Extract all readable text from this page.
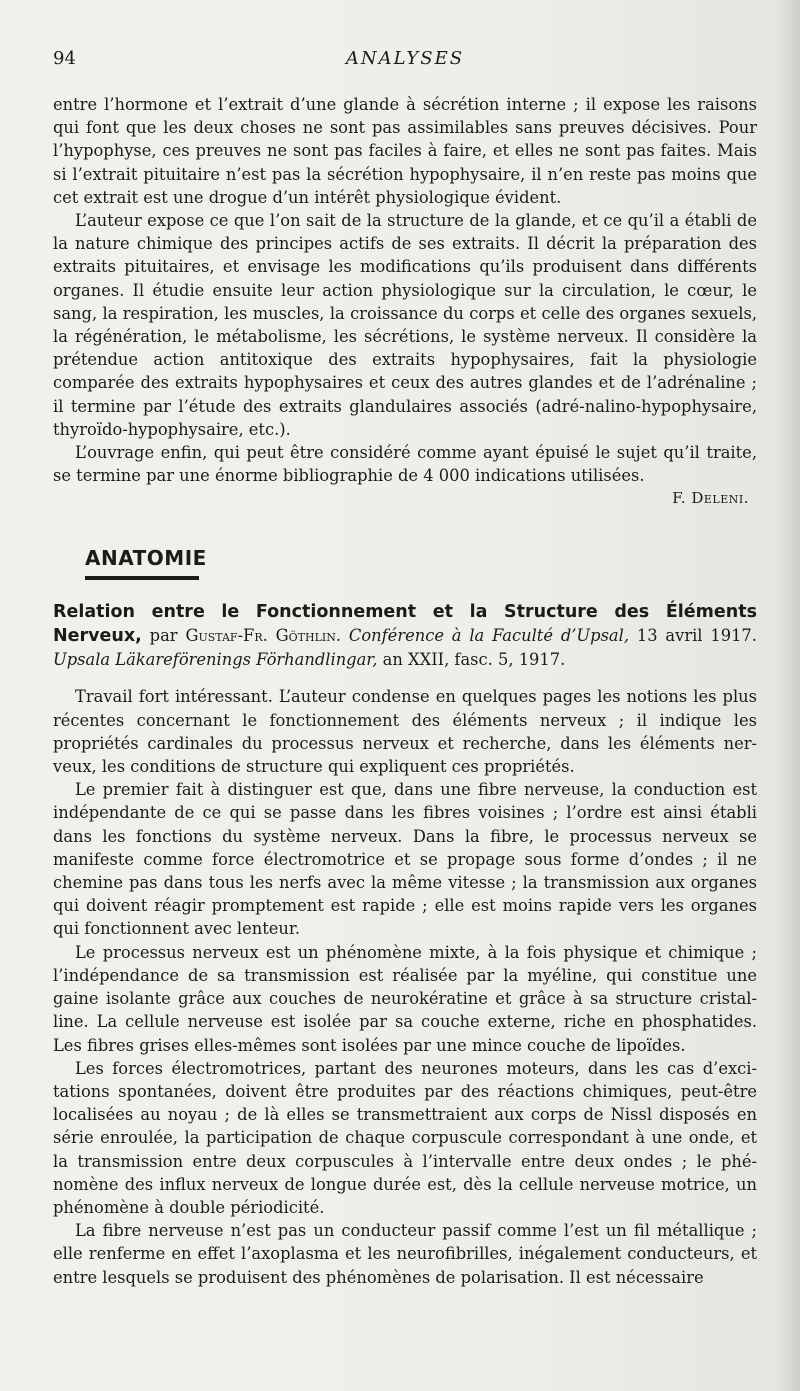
94	ANALYSES

entre l’hormone et l’extrait d’une glande à sécrétion interne ; il expose les raisons qui font que les deux choses ne sont pas assimilables sans preuves décisives. Pour l’hypophyse, ces preuves ne sont pas faciles à faire, et elles ne sont pas faites. Mais si l’extrait pituitaire n’est pas la sécrétion hypophysaire, il n’en reste pas moins que cet extrait est une drogue d’un intérêt physiologique évident.

L’auteur expose ce que l’on sait de la structure de la glande, et ce qu’il a établi de la nature chimique des principes actifs de ses extraits. Il décrit la préparation des extraits pituitaires, et envisage les modifications qu’ils produisent dans différents organes. Il étudie ensuite leur action physiologique sur la circulation, le cœur, le sang, la respiration, les muscles, la croissance du corps et celle des organes sexuels, la régénération, le métabolisme, les sécrétions, le système nerveux. Il considère la prétendue action antitoxique des extraits hypophysaires, fait la physiologie comparée des extraits hypophysaires et ceux des autres glandes et de l’adrénaline ; il termine par l’étude des extraits glandulaires associés (adré-nalino-hypophysaire, thyroïdo-hypophysaire, etc.).

L’ouvrage enfin, qui peut être considéré comme ayant épuisé le sujet qu’il traite, se termine par une énorme bibliographie de 4 000 indications utilisées.

F. Deleni.
ANATOMIE

Relation entre le Fonctionnement et la Structure des Éléments Nerveux, par Gustaf-Fr. Göthlin. Conférence à la Faculté d’Upsal, 13 avril 1917. Upsala Läkareförenings Förhandlingar, an XXII, fasc. 5, 1917.

Travail fort intéressant. L’auteur condense en quelques pages les notions les plus récentes concernant le fonctionnement des éléments nerveux ; il indique les propriétés cardinales du processus nerveux et recherche, dans les éléments ner-veux, les conditions de structure qui expliquent ces propriétés.

Le premier fait à distinguer est que, dans une fibre nerveuse, la conduction est indépendante de ce qui se passe dans les fibres voisines ; l’ordre est ainsi établi dans les fonctions du système nerveux. Dans la fibre, le processus nerveux se manifeste comme force électromotrice et se propage sous forme d’ondes ; il ne chemine pas dans tous les nerfs avec la même vitesse ; la transmission aux organes qui doivent réagir promptement est rapide ; elle est moins rapide vers les organes qui fonctionnent avec lenteur.

Le processus nerveux est un phénomène mixte, à la fois physique et chimique ; l’indépendance de sa transmission est réalisée par la myéline, qui constitue une gaine isolante grâce aux couches de neurokératine et grâce à sa structure cristal-line. La cellule nerveuse est isolée par sa couche externe, riche en phosphatides. Les fibres grises elles-mêmes sont isolées par une mince couche de lipoïdes.

Les forces électromotrices, partant des neurones moteurs, dans les cas d’exci-tations spontanées, doivent être produites par des réactions chimiques, peut-être localisées au noyau ; de là elles se transmettraient aux corps de Nissl disposés en série enroulée, la participation de chaque corpuscule correspondant à une onde, et la transmission entre deux corpuscules à l’intervalle entre deux ondes ; le phé-nomène des influx nerveux de longue durée est, dès la cellule nerveuse motrice, un phénomène à double périodicité.

La fibre nerveuse n’est pas un conducteur passif comme l’est un fil métallique ; elle renferme en effet l’axoplasma et les neurofibrilles, inégalement conducteurs, et entre lesquels se produisent des phénomènes de polarisation. Il est nécessaire
